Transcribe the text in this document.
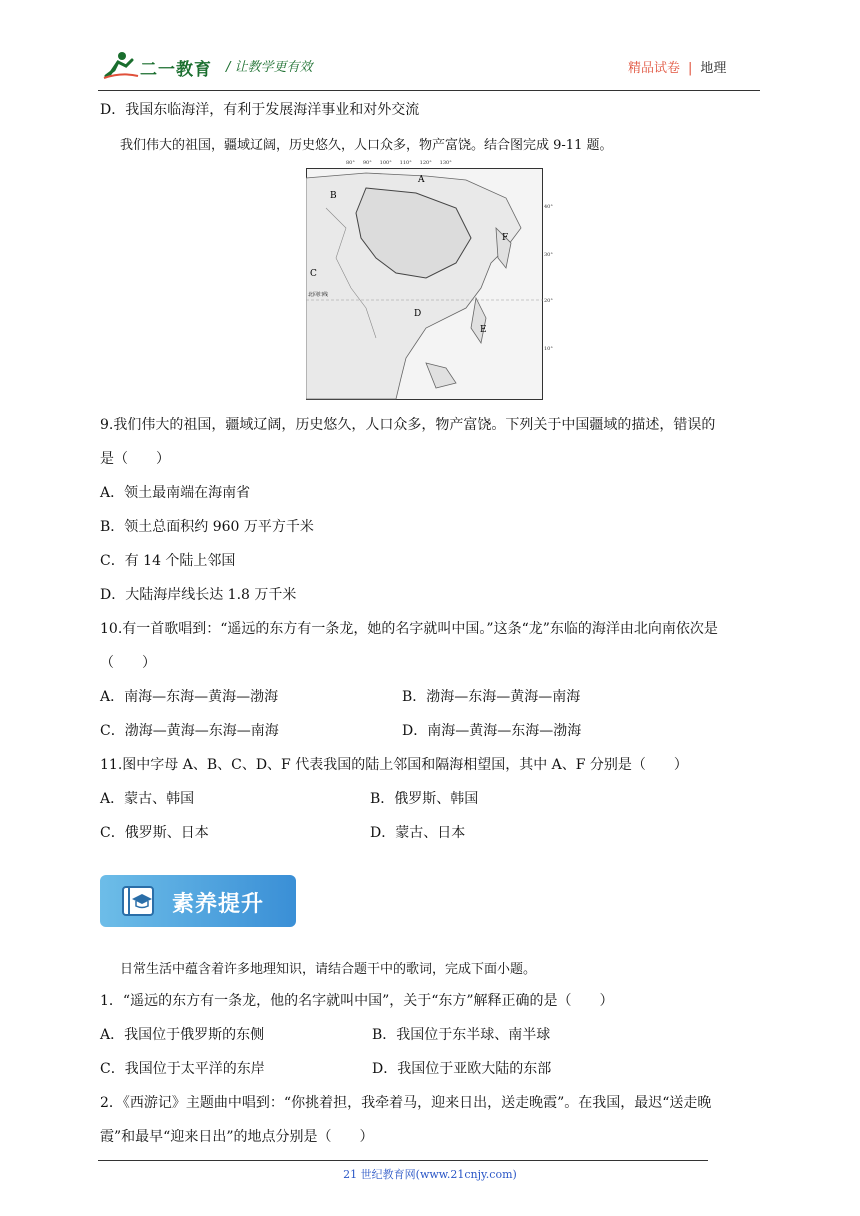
二一教育 / 让教学更有效	精品试卷 | 地理
D．我国东临海洋，有利于发展海洋事业和对外交流
我们伟大的祖国，疆域辽阔，历史悠久，人口众多，物产富饶。结合图完成 9-11 题。
A
B
C
D
E
F
北回归线
80° 90° 100° 110° 120° 130°
40°
30°
20°
10°
9.我们伟大的祖国，疆域辽阔，历史悠久，人口众多，物产富饶。下列关于中国疆域的描述，错误的
是（　　）
A．领土最南端在海南省
B．领土总面积约 960 万平方千米
C．有 14 个陆上邻国
D．大陆海岸线长达 1.8 万千米
10.有一首歌唱到：“遥远的东方有一条龙，她的名字就叫中国。”这条“龙”东临的海洋由北向南依次是
（　　）
A．南海—东海—黄海—渤海	B．渤海—东海—黄海—南海
C．渤海—黄海—东海—南海	D．南海—黄海—东海—渤海
11.图中字母 A、B、C、D、F 代表我国的陆上邻国和隔海相望国，其中 A、F 分别是（　　）
A．蒙古、韩国	B．俄罗斯、韩国
C．俄罗斯、日本	D．蒙古、日本
素养提升
日常生活中蕴含着许多地理知识，请结合题干中的歌词，完成下面小题。
1．“遥远的东方有一条龙，他的名字就叫中国”，关于“东方”解释正确的是（　　）
A．我国位于俄罗斯的东侧	B．我国位于东半球、南半球
C．我国位于太平洋的东岸	D．我国位于亚欧大陆的东部
2．《西游记》主题曲中唱到：“你挑着担，我牵着马，迎来日出，送走晚霞”。在我国，最迟“送走晚
霞”和最早“迎来日出”的地点分别是（　　）
21 世纪教育网(www.21cnjy.com)
